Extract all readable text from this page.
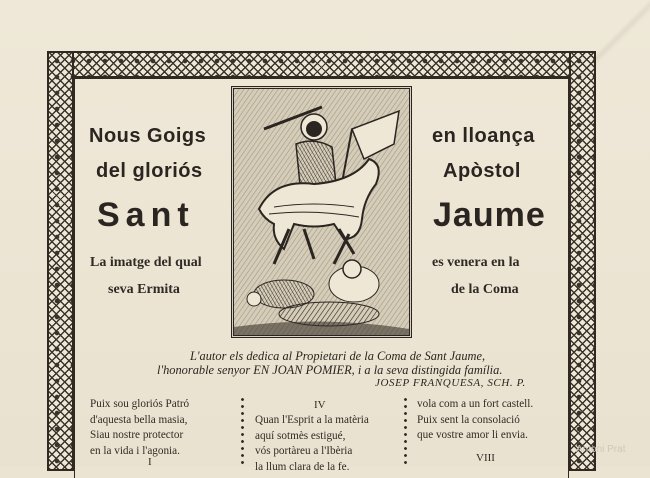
Nous Goigs
del gloriós
Sant
en lloança
Apòstol
Jaume
La imatge del qual
seva Ermita
es venera en la
de la Coma
L'autor els dedica al Propietari de la Coma de Sant Jaume,
l'honorable senyor EN JOAN POMIER, i a la seva distingida família.
JOSEP FRANQUESA, SCH. P.
Puix sou gloriós Patró
d'aquesta bella masia,
Siau nostre protector
en la vida i l'agonia.
I
IV
Quan l'Esprit a la matèria
aquí sotmès estigué,
vós portàreu a l'Ibèria
la llum clara de la fe.
vola com a un fort castell.
Puix sent la consolació
que vostre amor li envia.
VIII
Antoni Prat
